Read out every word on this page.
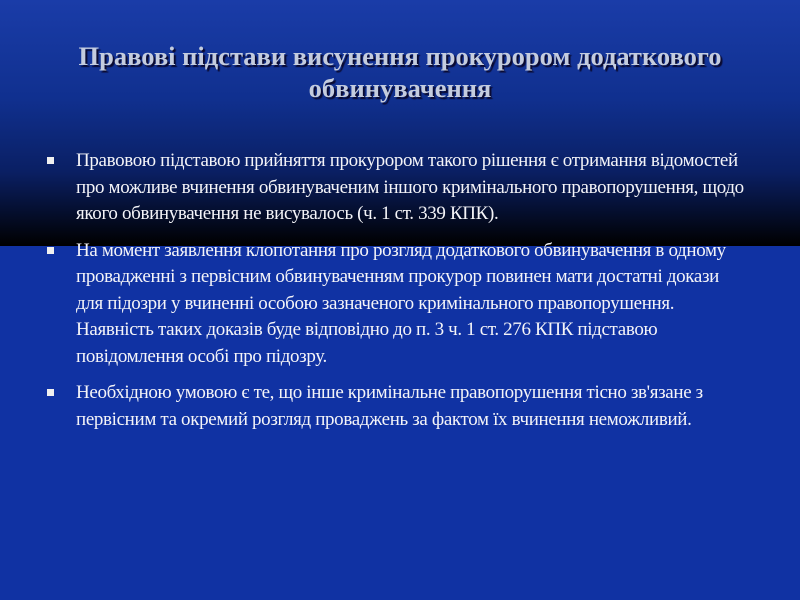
Правові підстави висунення прокурором додаткового обвинувачення
Правовою підставою прийняття прокурором такого рішення є отримання відомостей про можливе вчинення обвинуваченим іншого кримінального правопорушення, щодо якого обвинувачення не висувалось (ч. 1 ст. 339 КПК).
На момент заявлення клопотання про розгляд додаткового обвинувачення в одному провадженні з первісним обвинуваченням прокурор повинен мати достатні докази для підозри у вчиненні особою зазначеного кримінального правопорушення. Наявність таких доказів буде відповідно до п. 3 ч. 1 ст. 276 КПК підставою повідомлення особі про підозру.
Необхідною умовою є те, що інше кримінальне правопорушення тісно зв'язане з первісним та окремий розгляд проваджень за фактом їх вчинення неможливий.
